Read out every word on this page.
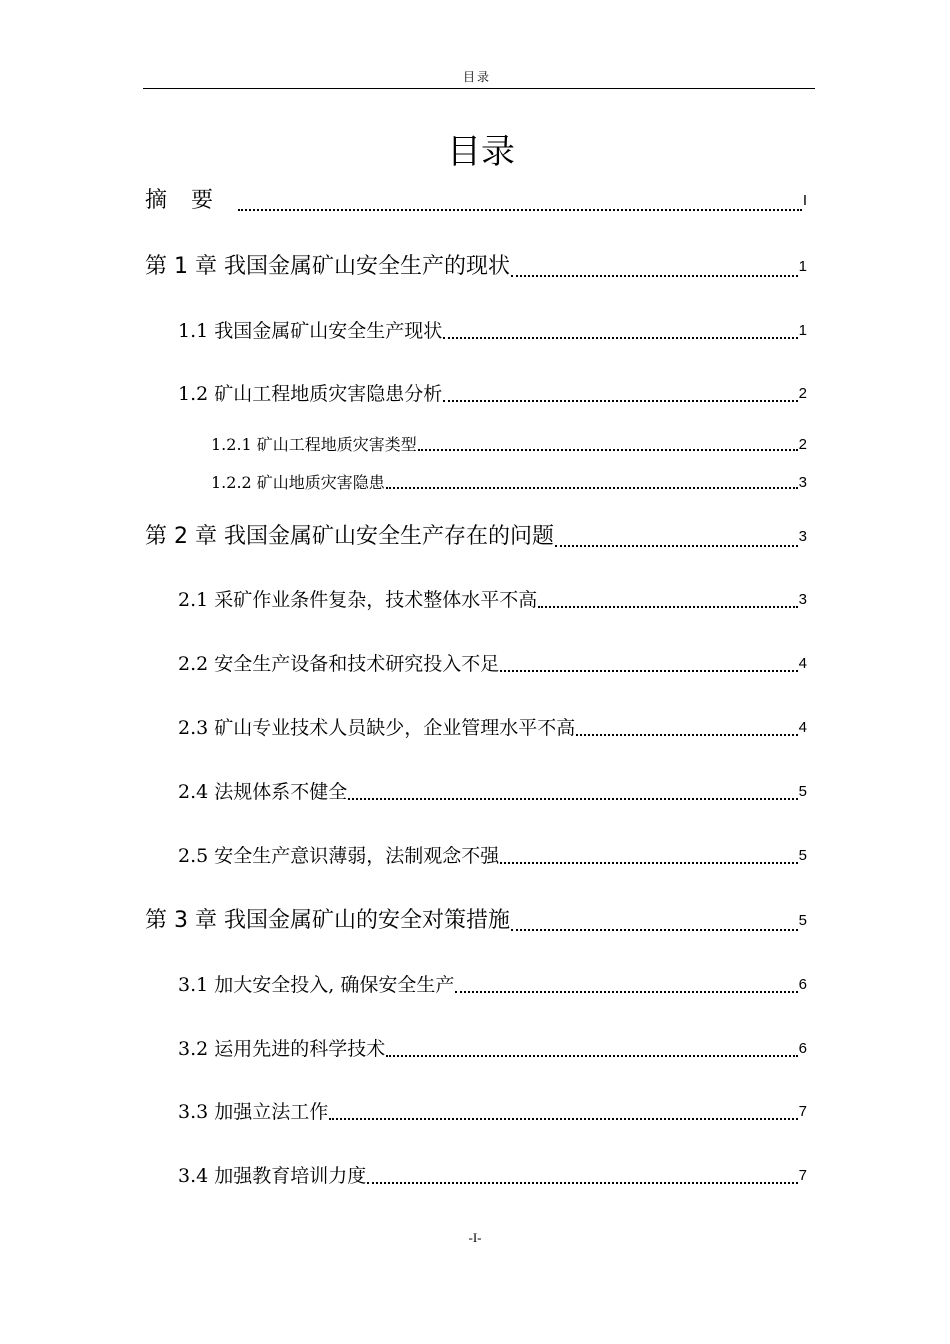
目录
目录
摘要	I
第 1 章 我国金属矿山安全生产的现状	1
1.1 我国金属矿山安全生产现状	1
1.2 矿山工程地质灾害隐患分析	2
1.2.1 矿山工程地质灾害类型	2
1.2.2 矿山地质灾害隐患	3
第 2 章 我国金属矿山安全生产存在的问题	3
2.1 采矿作业条件复杂，技术整体水平不高	3
2.2 安全生产设备和技术研究投入不足	4
2.3 矿山专业技术人员缺少，企业管理水平不高	4
2.4 法规体系不健全	5
2.5 安全生产意识薄弱，法制观念不强	5
第 3 章 我国金属矿山的安全对策措施	5
3.1 加大安全投入, 确保安全生产	6
3.2 运用先进的科学技术	6
3.3 加强立法工作	7
3.4 加强教育培训力度	7
-I-
